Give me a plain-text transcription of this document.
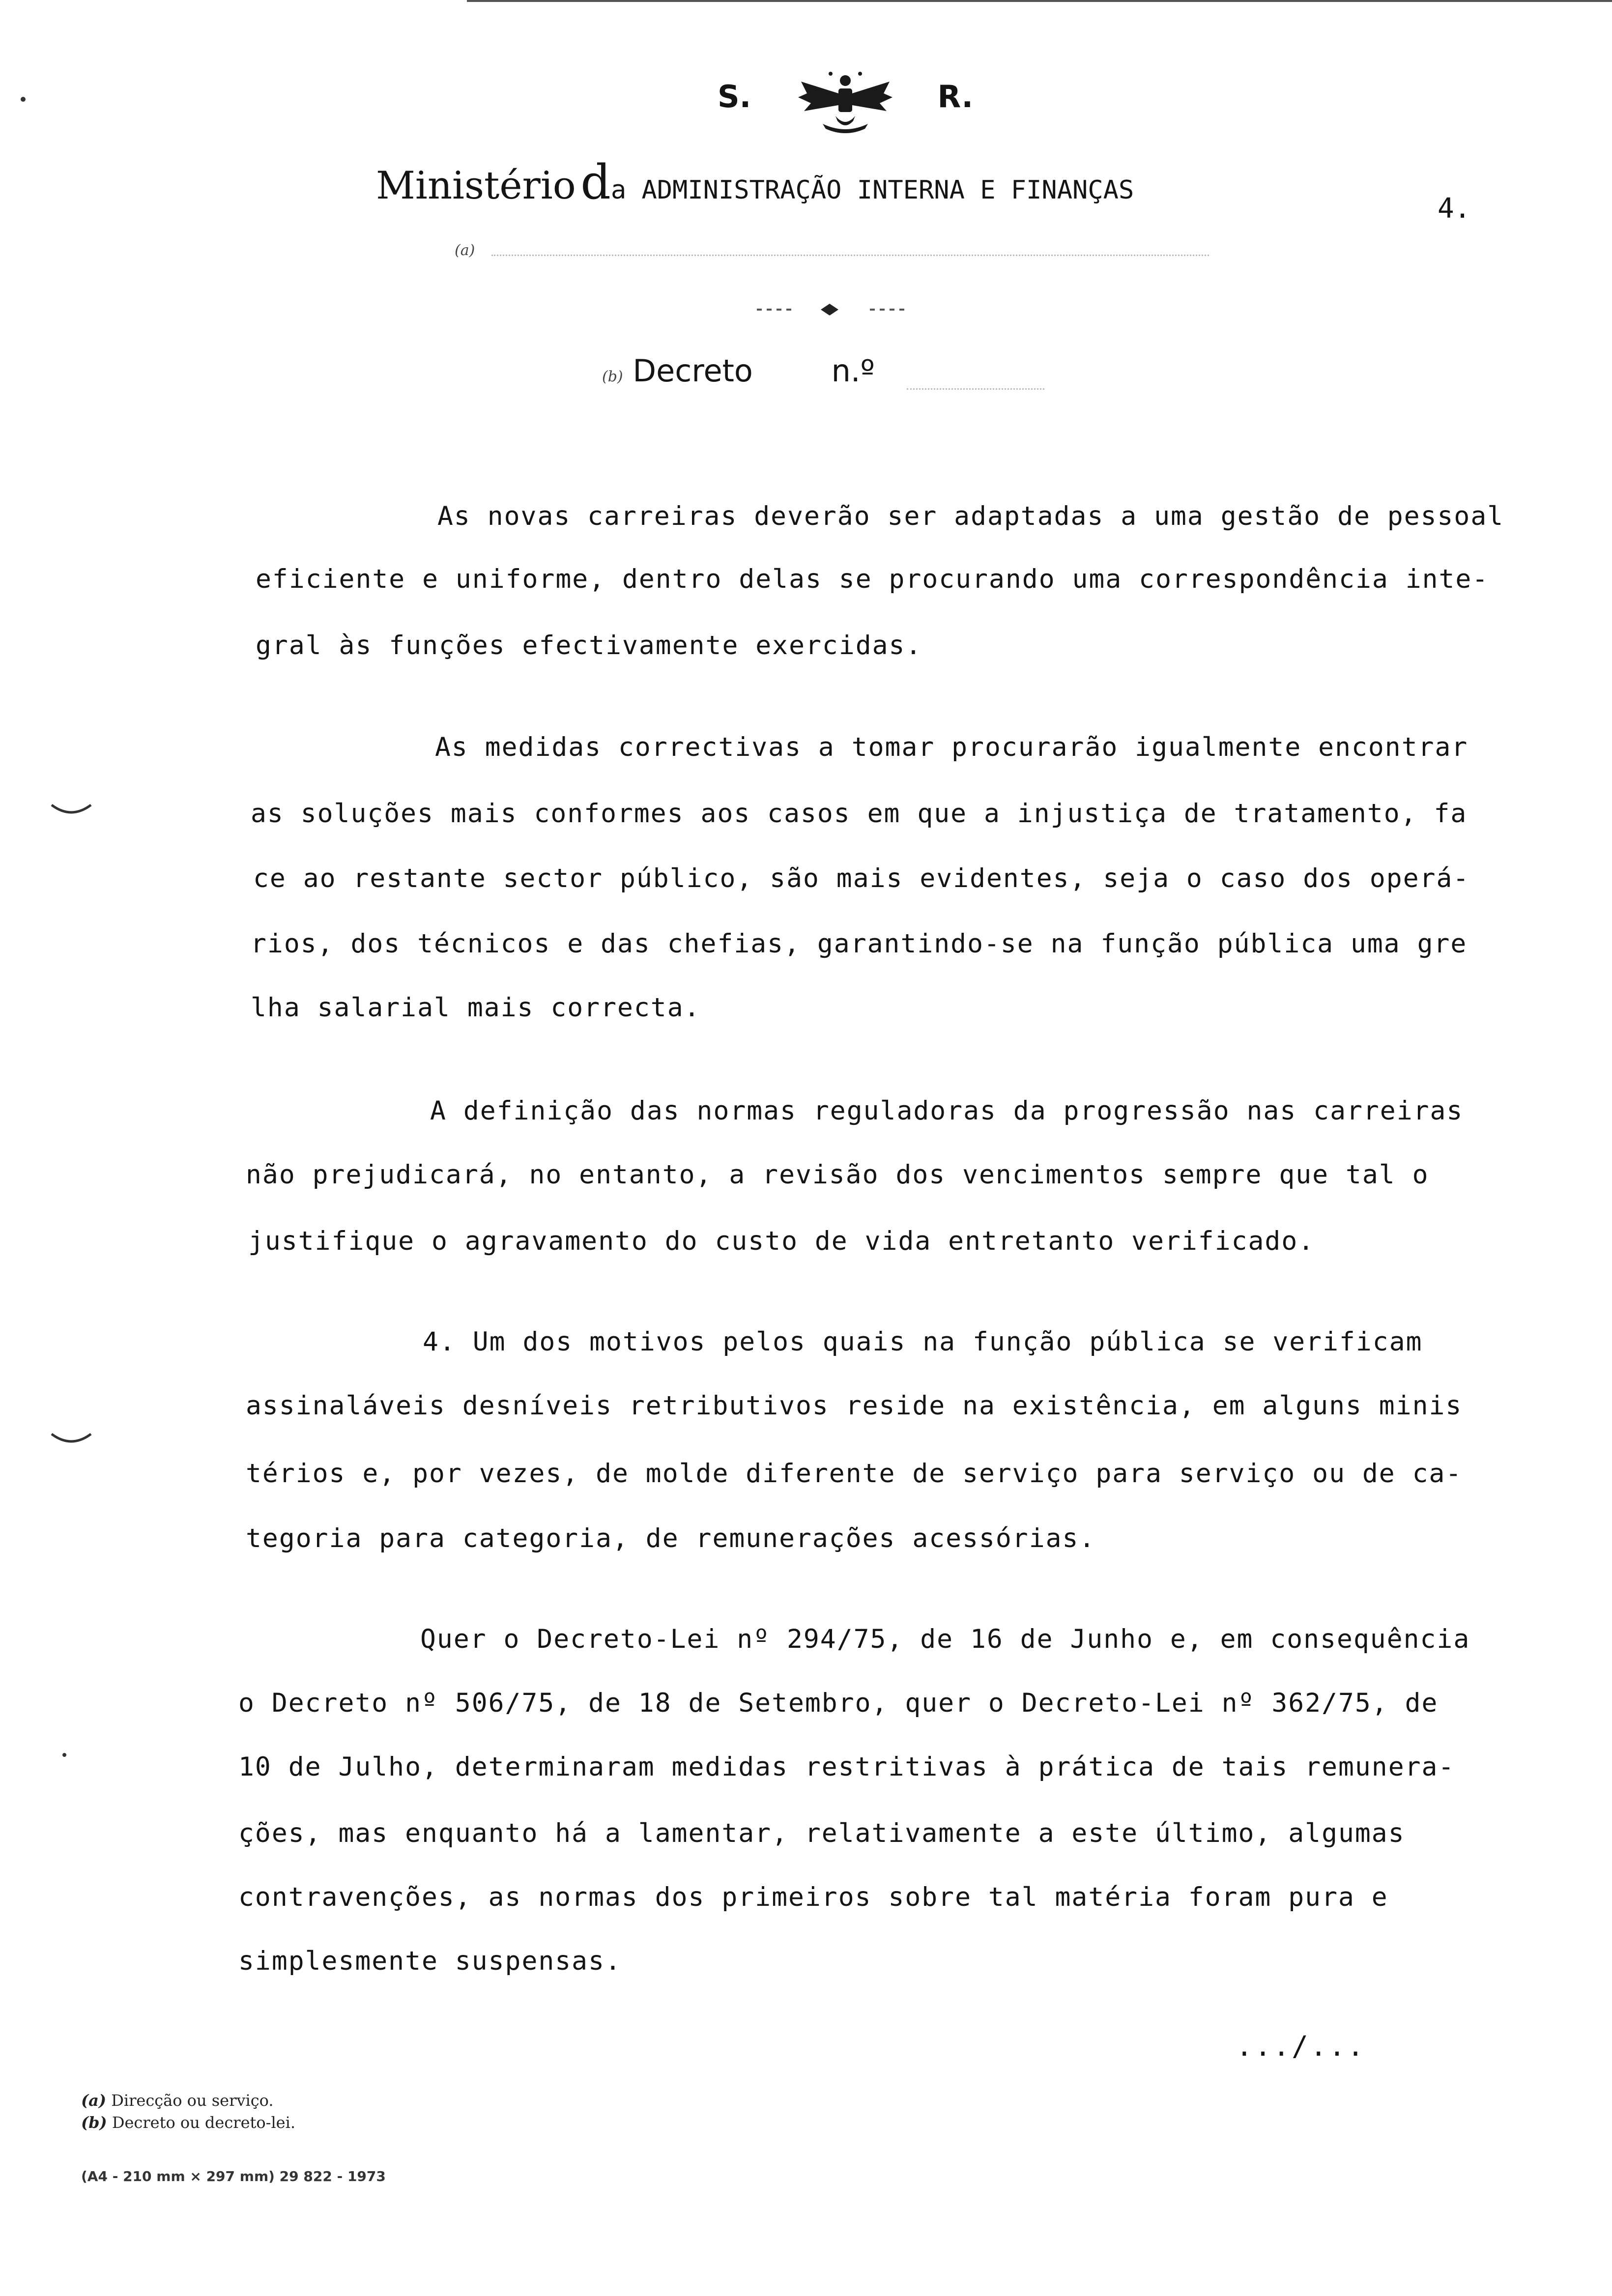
S.	R.
Ministério da ADMINISTRAÇÃO INTERNA E FINANÇAS
4.
(a)
(b) Decreto	n.º
As novas carreiras deverão ser adaptadas a uma gestão de pessoal
eficiente e uniforme, dentro delas se procurando uma correspondência inte-
gral às funções efectivamente exercidas.
As medidas correctivas a tomar procurarão igualmente encontrar
as soluções mais conformes aos casos em que a injustiça de tratamento, fa
ce ao restante sector público, são mais evidentes, seja o caso dos operá-
rios, dos técnicos e das chefias, garantindo-se na função pública uma gre
lha salarial mais correcta.
A definição das normas reguladoras da progressão nas carreiras
não prejudicará, no entanto, a revisão dos vencimentos sempre que tal o
justifique o agravamento do custo de vida entretanto verificado.
4. Um dos motivos pelos quais na função pública se verificam
assinaláveis desníveis retributivos reside na existência, em alguns minis
térios e, por vezes, de molde diferente de serviço para serviço ou de ca-
tegoria para categoria, de remunerações acessórias.
Quer o Decreto-Lei nº 294/75, de 16 de Junho e, em consequência
o Decreto nº 506/75, de 18 de Setembro, quer o Decreto-Lei nº 362/75, de
10 de Julho, determinaram medidas restritivas à prática de tais remunera-
ções, mas enquanto há a lamentar, relativamente a este último, algumas
contravenções, as normas dos primeiros sobre tal matéria foram pura e
simplesmente suspensas.
.../...
(a) Direcção ou serviço.
(b) Decreto ou decreto-lei.
(A4 - 210 mm × 297 mm) 29 822 - 1973
